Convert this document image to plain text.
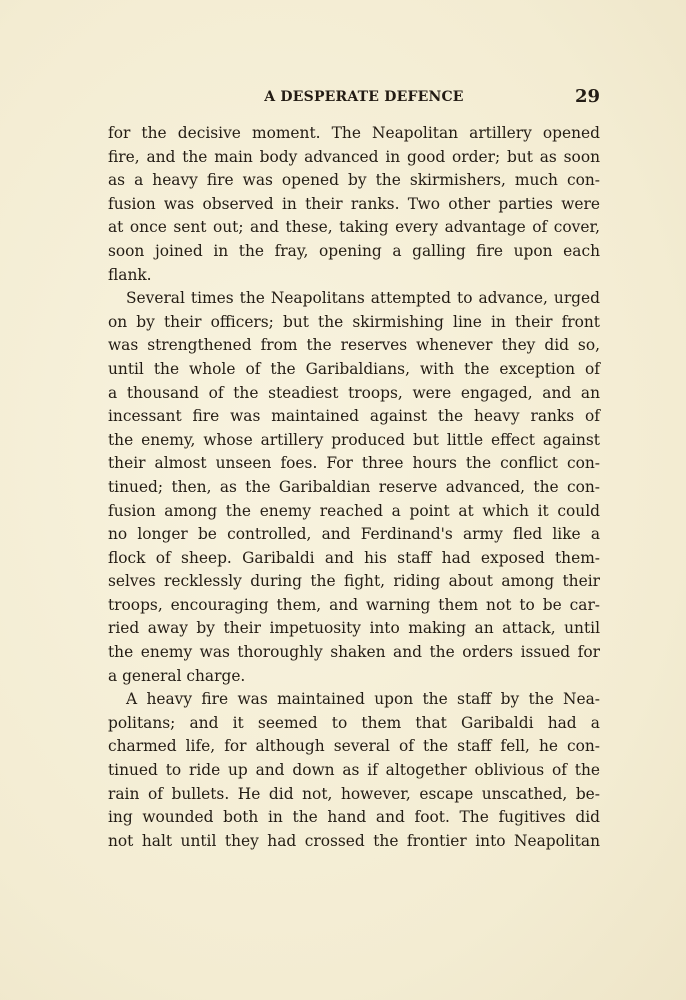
A DESPERATE DEFENCE	29
for the decisive moment. The Neapolitan artillery opened
fire, and the main body advanced in good order; but as soon
as a heavy fire was opened by the skirmishers, much con-
fusion was observed in their ranks. Two other parties were
at once sent out; and these, taking every advantage of cover,
soon joined in the fray, opening a galling fire upon each
flank.
Several times the Neapolitans attempted to advance, urged
on by their officers; but the skirmishing line in their front
was strengthened from the reserves whenever they did so,
until the whole of the Garibaldians, with the exception of
a thousand of the steadiest troops, were engaged, and an
incessant fire was maintained against the heavy ranks of
the enemy, whose artillery produced but little effect against
their almost unseen foes. For three hours the conflict con-
tinued; then, as the Garibaldian reserve advanced, the con-
fusion among the enemy reached a point at which it could
no longer be controlled, and Ferdinand's army fled like a
flock of sheep. Garibaldi and his staff had exposed them-
selves recklessly during the fight, riding about among their
troops, encouraging them, and warning them not to be car-
ried away by their impetuosity into making an attack, until
the enemy was thoroughly shaken and the orders issued for
a general charge.
A heavy fire was maintained upon the staff by the Nea-
politans; and it seemed to them that Garibaldi had a
charmed life, for although several of the staff fell, he con-
tinued to ride up and down as if altogether oblivious of the
rain of bullets. He did not, however, escape unscathed, be-
ing wounded both in the hand and foot. The fugitives did
not halt until they had crossed the frontier into Neapolitan
